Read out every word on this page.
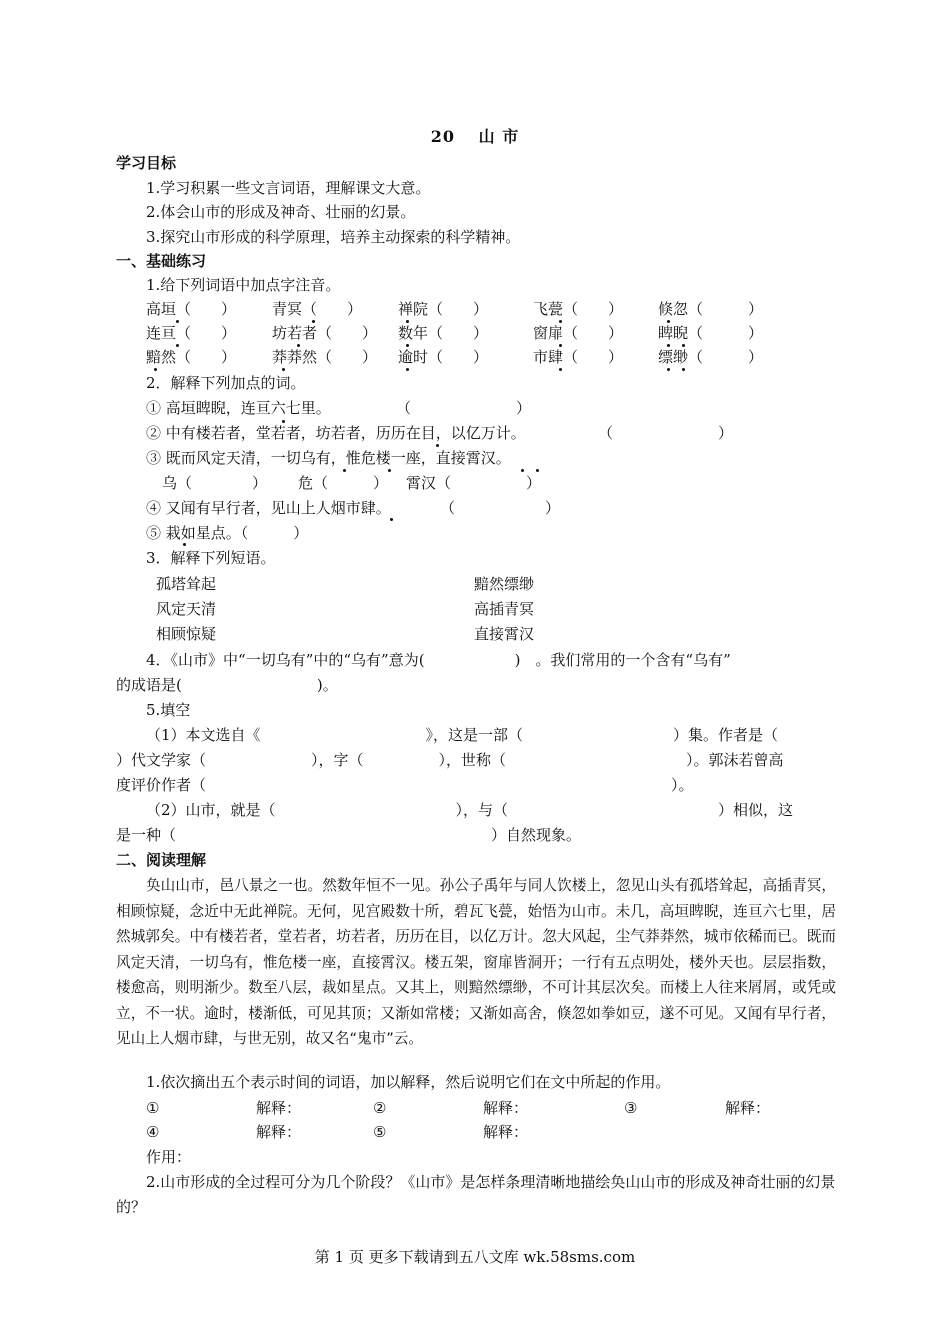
20　 山 市
学习目标
1.学习积累一些文言词语，理解课文大意。
2.体会山市的形成及神奇、壮丽的幻景。
3.探究山市形成的科学原理，培养主动探索的科学精神。
一、基础练习
1.给下列词语中加点字注音。
高垣（　　） 青冥（　　） 禅院（　　）	飞甍（　　） 倏忽（　　　）
连亘（　　） 坊若者（　　） 数年（　　）	窗扉（　　） 睥睨（　　　）
黯然（　　） 莽莽然（　　） 逾时（　　）	市肆（　　） 缥缈（　　　）
2．解释下列加点的词。
① 高垣睥睨，连亘六七里。	（　　　　　　　）
② 中有楼若者，堂若者，坊若者，历历在目，以亿万计。	（　　　　　　　）
③ 既而风定天清，一切乌有，惟危楼一座，直接霄汉。
乌（　　　　） 危（　　　） 霄汉（　　　　　）
④ 又闻有早行者，见山上人烟市肆。	（　　　　　　）
⑤ 栽如星点。（　　　）
3．解释下列短语。
孤塔耸起	黯然缥缈
风定天清	高插青冥
相顾惊疑	直接霄汉
4．《山市》中“一切乌有”中的“乌有”意为(　　　　　　)　。我们常用的一个含有“乌有”
的成语是(　　　　　　　　　)。
5.填空
（1）本文选自《　　　　　　　　　　　》，这是一部（　　　　　　　　　　）集。作者是（
）代文学家（　　　　　　　），字（　　　　　），世称（　　　　　　　　　　　　）。郭沫若曾高
度评价作者（　　　　　　　　　　　　　　　　　　　　　　　　　　　　　　　）。
（2）山市，就是（　　　　　　　　　　　　），与（　　　　　　　　　　　　　　）相似，这
是一种（　　　　　　　　　　　　　　　　　　　　　）自然现象。
二、阅读理解
奂山山市，邑八景之一也。然数年恒不一见。孙公子禹年与同人饮楼上，忽见山头有孤塔耸起，高插青冥，相顾惊疑，念近中无此禅院。无何，见宫殿数十所，碧瓦飞甍，始悟为山市。未几，高垣睥睨，连亘六七里，居然城郭矣。中有楼若者，堂若者，坊若者，历历在目，以亿万计。忽大风起，尘气莽莽然，城市依稀而已。既而风定天清，一切乌有，惟危楼一座，直接霄汉。楼五架，窗扉皆洞开；一行有五点明处，楼外天也。层层指数，楼愈高，则明渐少。数至八层，裁如星点。又其上，则黯然缥缈，不可计其层次矣。而楼上人往来屑屑，或凭或立，不一状。逾时，楼渐低，可见其顶；又渐如常楼；又渐如高舍，倏忽如拳如豆，遂不可见。又闻有早行者，见山上人烟市肆，与世无别，故又名“鬼市”云。
1.依次摘出五个表示时间的词语，加以解释，然后说明它们在文中所起的作用。
①	解释：	②	解释：	③	解释：
④	解释：	⑤	解释：
作用：
2.山市形成的全过程可分为几个阶段？《山市》是怎样条理清晰地描绘奂山山市的形成及神奇壮丽的幻景的？
第 1 页 更多下载请到五八文库 wk.58sms.com
